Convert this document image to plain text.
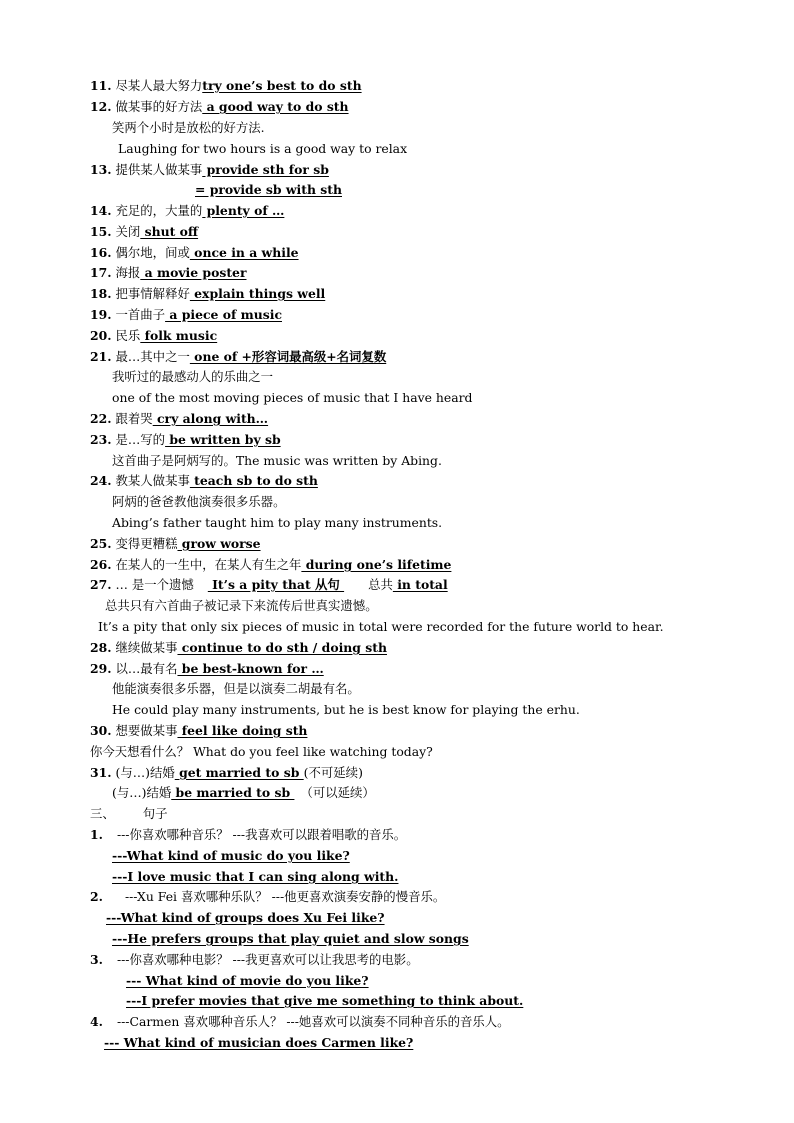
11. 尽某人最大努力try one’s best to do sth
12. 做某事的好方法 a good way to do sth
笑两个小时是放松的好方法.
Laughing for two hours is a good way to relax
13. 提供某人做某事 provide sth for sb
= provide sb with sth
14. 充足的，大量的 plenty of …
15. 关闭 shut off
16. 偶尔地，间或 once in a while
17. 海报 a movie poster
18. 把事情解释好 explain things well
19. 一首曲子 a piece of music
20. 民乐 folk music
21. 最…其中之一 one of +形容词最高级+名词复数
我听过的最感动人的乐曲之一
one of the most moving pieces of music that I have heard
22. 跟着哭 cry along with…
23. 是…写的 be written by sb
这首曲子是阿炳写的。The music was written by Abing.
24. 教某人做某事 teach sb to do sth
阿炳的爸爸教他演奏很多乐器。
Abing’s father taught him to play many instruments.
25. 变得更糟糕 grow worse
26. 在某人的一生中，在某人有生之年 during one’s lifetime
27. … 是一个遗憾 It’s a pity that 从句 总共 in total
总共只有六首曲子被记录下来流传后世真实遗憾。
It’s a pity that only six pieces of music in total were recorded for the future world to hear.
28. 继续做某事 continue to do sth / doing sth
29. 以…最有名 be best-known for …
他能演奏很多乐器，但是以演奏二胡最有名。
He could play many instruments, but he is best know for playing the erhu.
30. 想要做某事 feel like doing sth
你今天想看什么？ What do you feel like watching today?
31. (与…)结婚 get married to sb (不可延续)
(与…)结婚 be married to sb （可以延续）
三、 句子
1. ---你喜欢哪种音乐？ ---我喜欢可以跟着唱歌的音乐。
---What kind of music do you like?
---I love music that I can sing along with.
2. ---Xu Fei 喜欢哪种乐队？ ---他更喜欢演奏安静的慢音乐。
---What kind of groups does Xu Fei like?
---He prefers groups that play quiet and slow songs
3. ---你喜欢哪种电影？ ---我更喜欢可以让我思考的电影。
--- What kind of movie do you like?
---I prefer movies that give me something to think about.
4. ---Carmen 喜欢哪种音乐人？ ---她喜欢可以演奏不同种音乐的音乐人。
--- What kind of musician does Carmen like?
